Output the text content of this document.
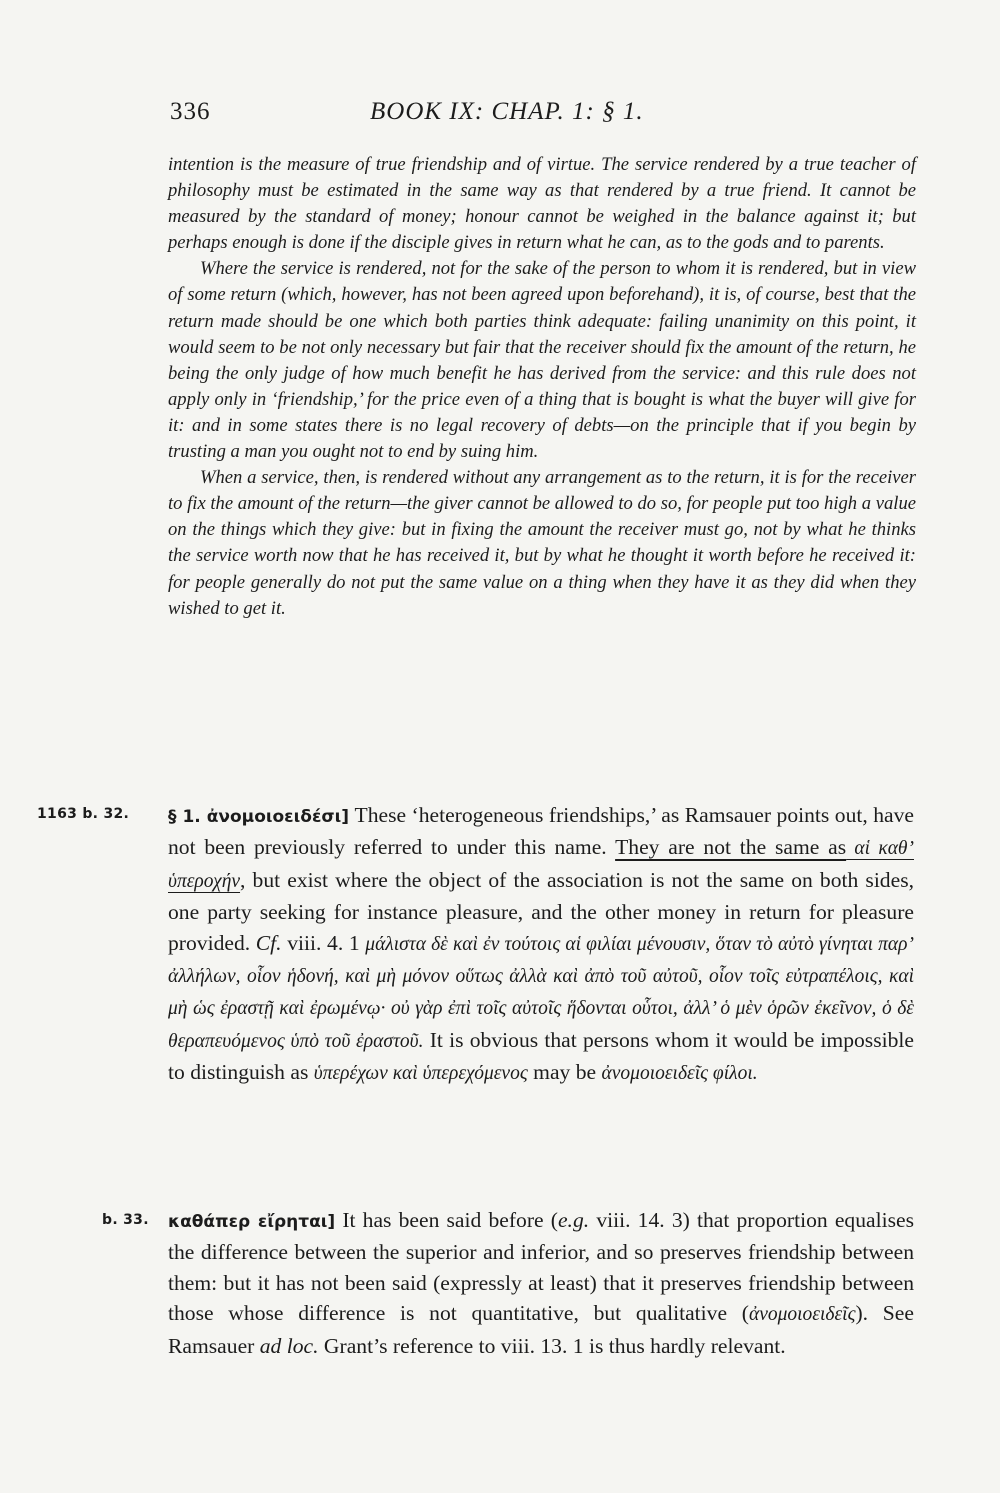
336	BOOK IX: CHAP. 1: § 1.

intention is the measure of true friendship and of virtue. The service rendered by a true teacher of philosophy must be estimated in the same way as that rendered by a true friend. It cannot be measured by the standard of money; honour cannot be weighed in the balance against it; but perhaps enough is done if the disciple gives in return what he can, as to the gods and to parents.

Where the service is rendered, not for the sake of the person to whom it is rendered, but in view of some return (which, however, has not been agreed upon beforehand), it is, of course, best that the return made should be one which both parties think adequate: failing unanimity on this point, it would seem to be not only necessary but fair that the receiver should fix the amount of the return, he being the only judge of how much benefit he has derived from the service: and this rule does not apply only in ‘friendship,’ for the price even of a thing that is bought is what the buyer will give for it: and in some states there is no legal recovery of debts—on the principle that if you begin by trusting a man you ought not to end by suing him.

When a service, then, is rendered without any arrangement as to the return, it is for the receiver to fix the amount of the return—the giver cannot be allowed to do so, for people put too high a value on the things which they give: but in fixing the amount the receiver must go, not by what he thinks the service worth now that he has received it, but by what he thought it worth before he received it: for people generally do not put the same value on a thing when they have it as they did when they wished to get it.

1163 b. 32. § 1. ἀνομοιοειδέσι] These ‘heterogeneous friendships,’ as Ramsauer points out, have not been previously referred to under this name. They are not the same as αἱ καθ’ ὑπεροχήν, but exist where the object of the association is not the same on both sides, one party seeking for instance pleasure, and the other money in return for pleasure provided. Cf. viii. 4. 1 μάλιστα δὲ καὶ ἐν τούτοις αἱ φιλίαι μένουσιν, ὅταν τὸ αὐτὸ γίνηται παρ’ ἀλλήλων, οἷον ἡδονή, καὶ μὴ μόνον οὕτως ἀλλὰ καὶ ἀπὸ τοῦ αὐτοῦ, οἷον τοῖς εὐτραπέλοις, καὶ μὴ ὡς ἐραστῇ καὶ ἐρωμένῳ· οὐ γὰρ ἐπὶ τοῖς αὐτοῖς ἥδονται οὗτοι, ἀλλ’ ὁ μὲν ὁρῶν ἐκεῖνον, ὁ δὲ θεραπευόμενος ὑπὸ τοῦ ἐραστοῦ. It is obvious that persons whom it would be impossible to distinguish as ὑπερέχων καὶ ὑπερεχόμενος may be ἀνομοιοειδεῖς φίλοι.
b. 33. καθάπερ εἴρηται] It has been said before (e.g. viii. 14. 3) that proportion equalises the difference between the superior and inferior, and so preserves friendship between them: but it has not been said (expressly at least) that it preserves friendship between those whose difference is not quantitative, but qualitative (ἀνομοιοειδεῖς). See Ramsauer ad loc. Grant’s reference to viii. 13. 1 is thus hardly relevant.
